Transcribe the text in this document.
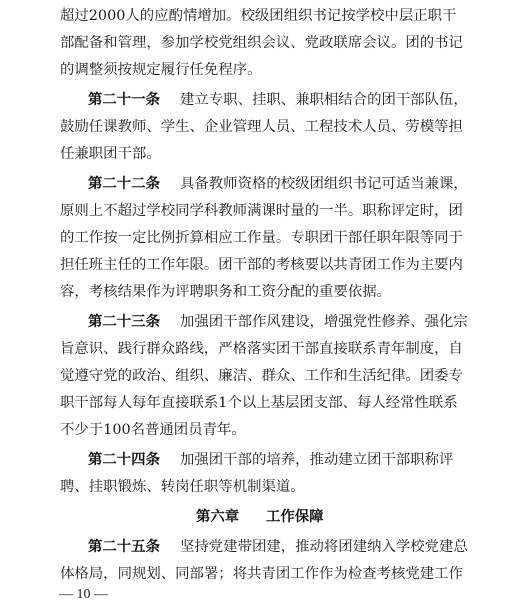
超过2000人的应酌情增加。校级团组织书记按学校中层正职干

部配备和管理，参加学校党组织会议、党政联席会议。团的书记

的调整须按规定履行任免程序。

第二十一条 建立专职、挂职、兼职相结合的团干部队伍，

鼓励任课教师、学生、企业管理人员、工程技术人员、劳模等担

任兼职团干部。

第二十二条 具备教师资格的校级团组织书记可适当兼课，

原则上不超过学校同学科教师满课时量的一半。职称评定时，团

的工作按一定比例折算相应工作量。专职团干部任职年限等同于

担任班主任的工作年限。团干部的考核要以共青团工作为主要内

容，考核结果作为评聘职务和工资分配的重要依据。

第二十三条 加强团干部作风建设，增强党性修养、强化宗

旨意识、践行群众路线，严格落实团干部直接联系青年制度，自

觉遵守党的政治、组织、廉洁、群众、工作和生活纪律。团委专

职干部每人每年直接联系1个以上基层团支部、每人经常性联系

不少于100名普通团员青年。

第二十四条 加强团干部的培养，推动建立团干部职称评

聘、挂职锻炼、转岗任职等机制渠道。

第六章 工作保障

第二十五条 坚持党建带团建，推动将团建纳入学校党建总

— 10 —

体格局，同规划、同部署；将共青团工作作为检查考核党建工作
